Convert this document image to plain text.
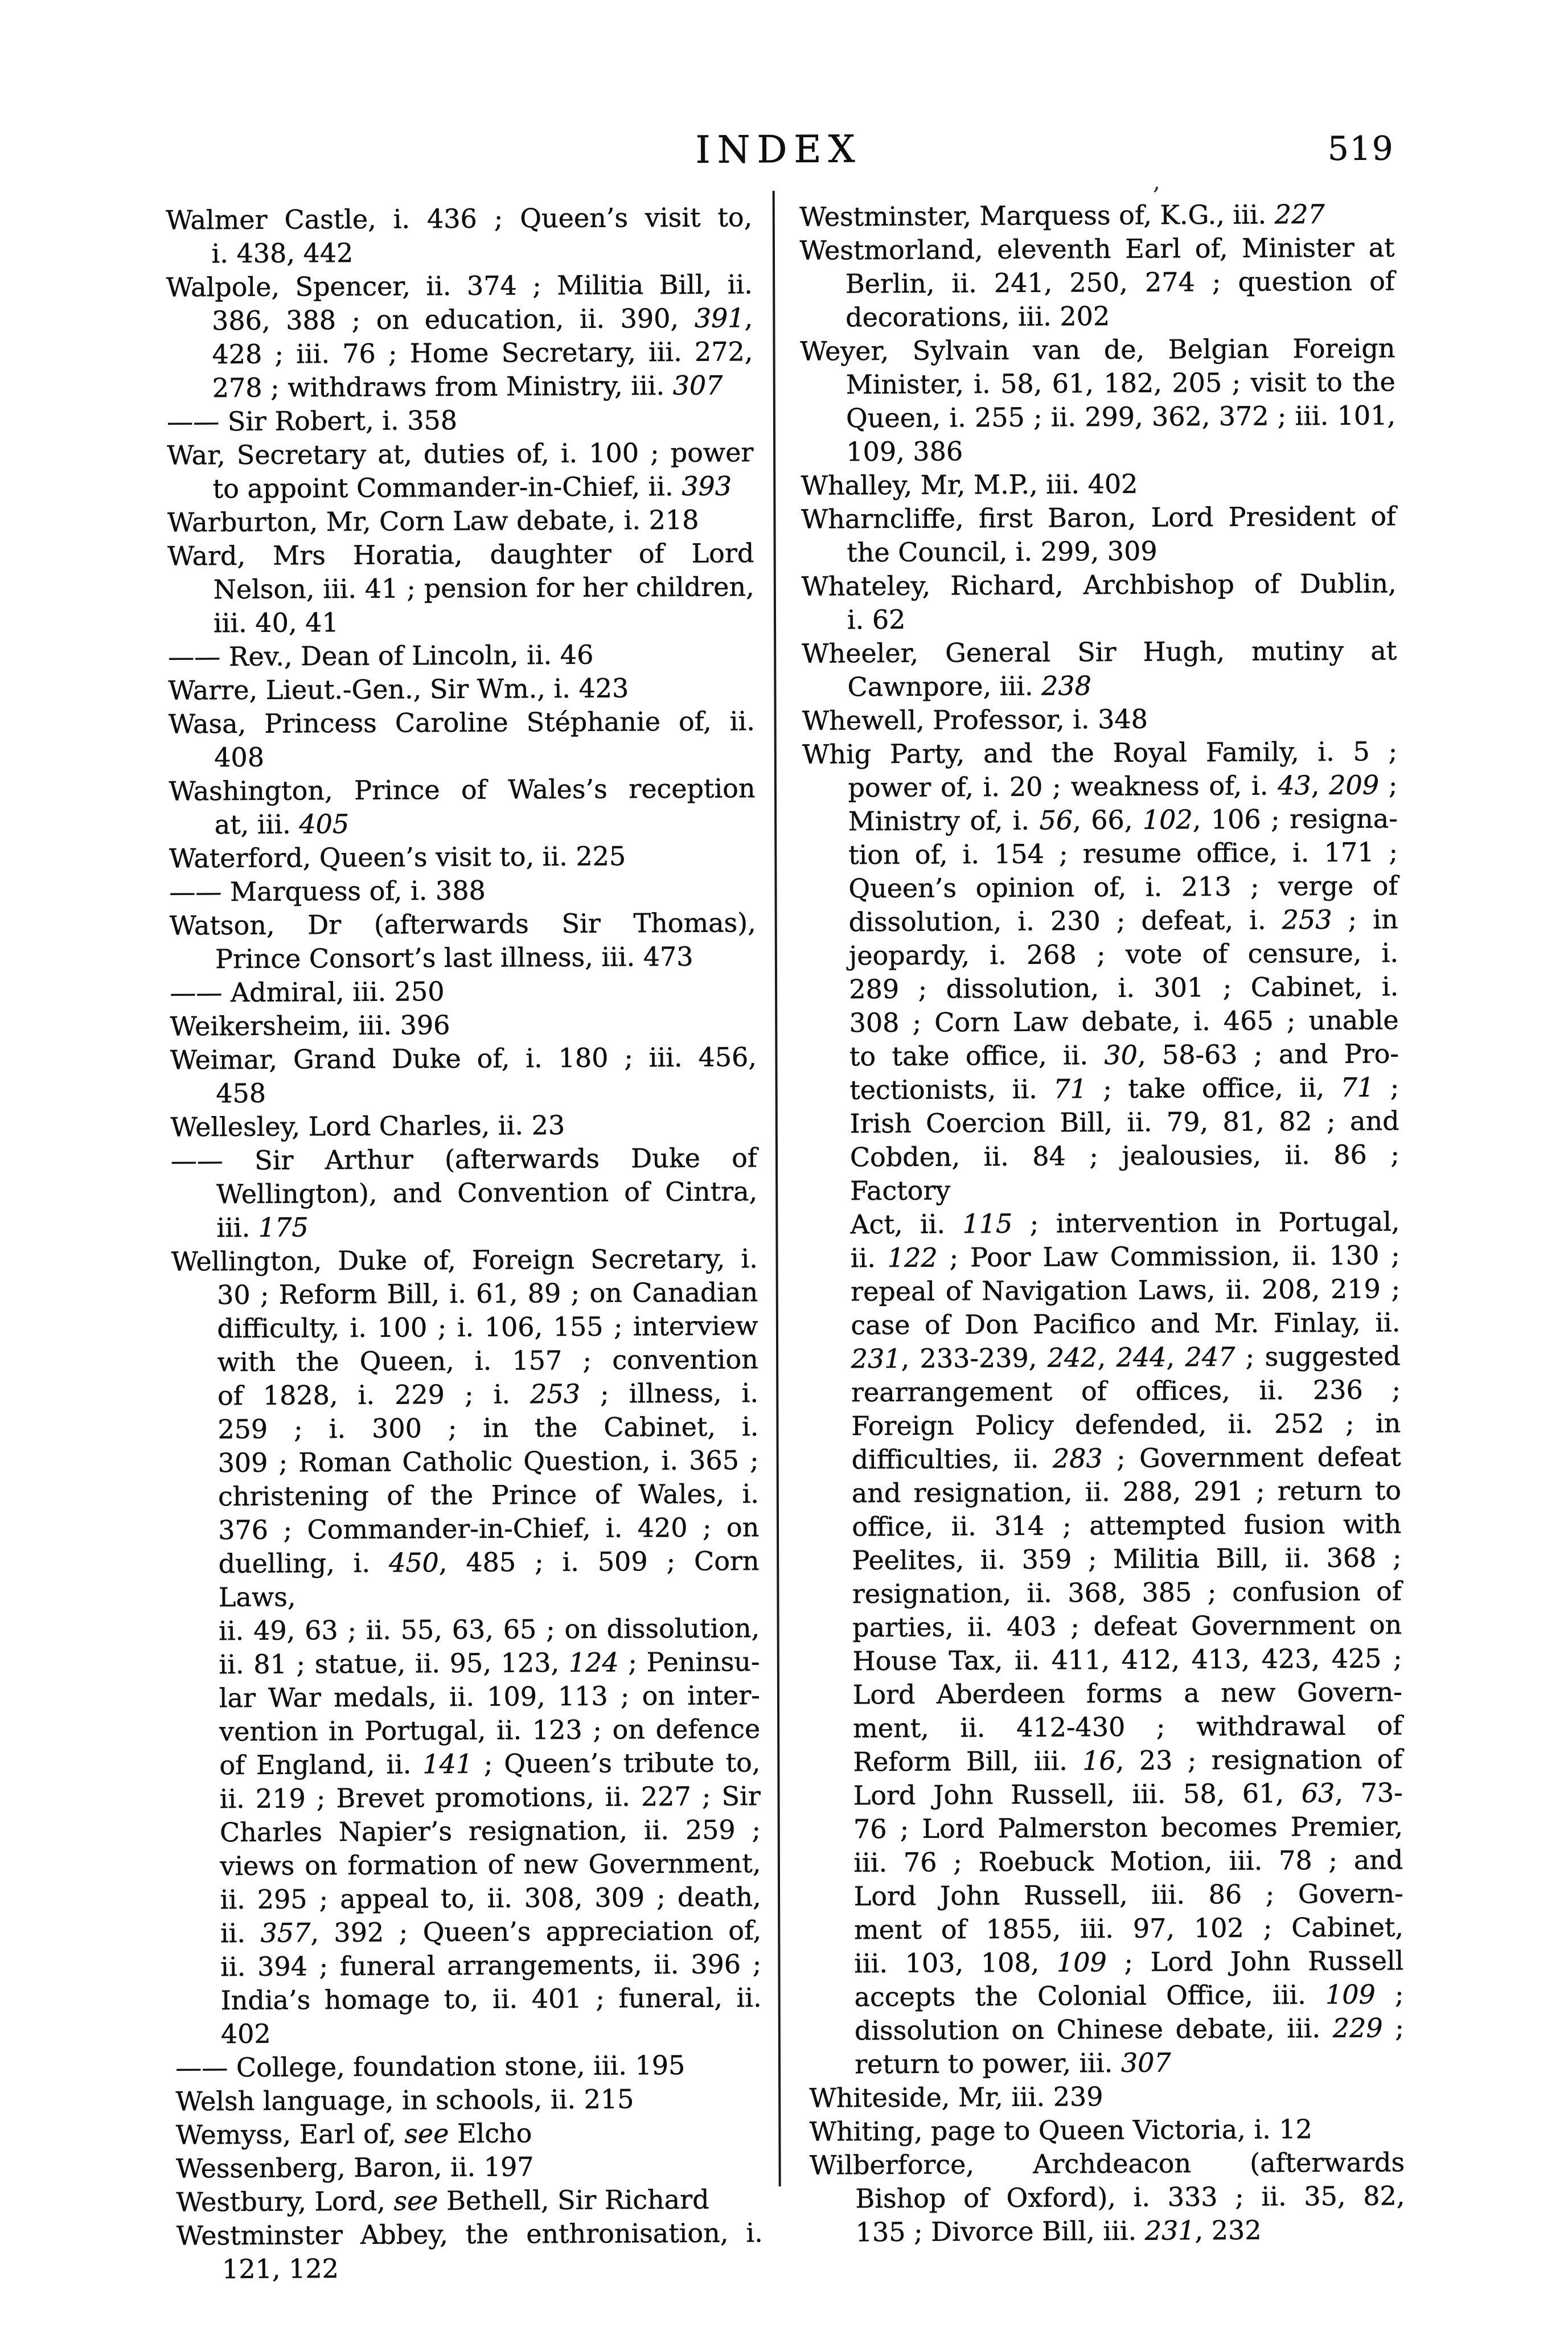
INDEX	519
,
Walmer Castle, i. 436 ; Queen’s visit to,
i. 438, 442
Walpole, Spencer, ii. 374 ; Militia Bill, ii.
386, 388 ; on education, ii. 390, 391,
428 ; iii. 76 ; Home Secretary, iii. 272,
278 ; withdraws from Ministry, iii. 307
—— Sir Robert, i. 358
War, Secretary at, duties of, i. 100 ; power
to appoint Commander-in-Chief, ii. 393
Warburton, Mr, Corn Law debate, i. 218
Ward, Mrs Horatia, daughter of Lord
Nelson, iii. 41 ; pension for her children,
iii. 40, 41
—— Rev., Dean of Lincoln, ii. 46
Warre, Lieut.-Gen., Sir Wm., i. 423
Wasa, Princess Caroline Stéphanie of, ii.
408
Washington, Prince of Wales’s reception
at, iii. 405
Waterford, Queen’s visit to, ii. 225
—— Marquess of, i. 388
Watson, Dr (afterwards Sir Thomas),
Prince Consort’s last illness, iii. 473
—— Admiral, iii. 250
Weikersheim, iii. 396
Weimar, Grand Duke of, i. 180 ; iii. 456,
458
Wellesley, Lord Charles, ii. 23
—— Sir Arthur (afterwards Duke of
Wellington), and Convention of Cintra,
iii. 175
Wellington, Duke of, Foreign Secretary, i.
30 ; Reform Bill, i. 61, 89 ; on Canadian
difficulty, i. 100 ; i. 106, 155 ; interview
with the Queen, i. 157 ; convention
of 1828, i. 229 ; i. 253 ; illness, i.
259 ; i. 300 ; in the Cabinet, i.
309 ; Roman Catholic Question, i. 365 ;
christening of the Prince of Wales, i.
376 ; Commander-in-Chief, i. 420 ; on
duelling, i. 450, 485 ; i. 509 ; Corn Laws,
ii. 49, 63 ; ii. 55, 63, 65 ; on dissolution,
ii. 81 ; statue, ii. 95, 123, 124 ; Peninsu-
lar War medals, ii. 109, 113 ; on inter-
vention in Portugal, ii. 123 ; on defence
of England, ii. 141 ; Queen’s tribute to,
ii. 219 ; Brevet promotions, ii. 227 ; Sir
Charles Napier’s resignation, ii. 259 ;
views on formation of new Government,
ii. 295 ; appeal to, ii. 308, 309 ; death,
ii. 357, 392 ; Queen’s appreciation of,
ii. 394 ; funeral arrangements, ii. 396 ;
India’s homage to, ii. 401 ; funeral, ii. 402
—— College, foundation stone, iii. 195
Welsh language, in schools, ii. 215
Wemyss, Earl of, see Elcho
Wessenberg, Baron, ii. 197
Westbury, Lord, see Bethell, Sir Richard
Westminster Abbey, the enthronisation, i.
121, 122
Westminster, Marquess of, K.G., iii. 227
Westmorland, eleventh Earl of, Minister at
Berlin, ii. 241, 250, 274 ; question of
decorations, iii. 202
Weyer, Sylvain van de, Belgian Foreign
Minister, i. 58, 61, 182, 205 ; visit to the
Queen, i. 255 ; ii. 299, 362, 372 ; iii. 101,
109, 386
Whalley, Mr, M.P., iii. 402
Wharncliffe, first Baron, Lord President of
the Council, i. 299, 309
Whateley, Richard, Archbishop of Dublin,
i. 62
Wheeler, General Sir Hugh, mutiny at
Cawnpore, iii. 238
Whewell, Professor, i. 348
Whig Party, and the Royal Family, i. 5 ;
power of, i. 20 ; weakness of, i. 43, 209 ;
Ministry of, i. 56, 66, 102, 106 ; resigna-
tion of, i. 154 ; resume office, i. 171 ;
Queen’s opinion of, i. 213 ; verge of
dissolution, i. 230 ; defeat, i. 253 ; in
jeopardy, i. 268 ; vote of censure, i.
289 ; dissolution, i. 301 ; Cabinet, i.
308 ; Corn Law debate, i. 465 ; unable
to take office, ii. 30, 58-63 ; and Pro-
tectionists, ii. 71 ; take office, ii, 71 ;
Irish Coercion Bill, ii. 79, 81, 82 ; and
Cobden, ii. 84 ; jealousies, ii. 86 ; Factory
Act, ii. 115 ; intervention in Portugal,
ii. 122 ; Poor Law Commission, ii. 130 ;
repeal of Navigation Laws, ii. 208, 219 ;
case of Don Pacifico and Mr. Finlay, ii.
231, 233-239, 242, 244, 247 ; suggested
rearrangement of offices, ii. 236 ;
Foreign Policy defended, ii. 252 ; in
difficulties, ii. 283 ; Government defeat
and resignation, ii. 288, 291 ; return to
office, ii. 314 ; attempted fusion with
Peelites, ii. 359 ; Militia Bill, ii. 368 ;
resignation, ii. 368, 385 ; confusion of
parties, ii. 403 ; defeat Government on
House Tax, ii. 411, 412, 413, 423, 425 ;
Lord Aberdeen forms a new Govern-
ment, ii. 412-430 ; withdrawal of
Reform Bill, iii. 16, 23 ; resignation of
Lord John Russell, iii. 58, 61, 63, 73-
76 ; Lord Palmerston becomes Premier,
iii. 76 ; Roebuck Motion, iii. 78 ; and
Lord John Russell, iii. 86 ; Govern-
ment of 1855, iii. 97, 102 ; Cabinet,
iii. 103, 108, 109 ; Lord John Russell
accepts the Colonial Office, iii. 109 ;
dissolution on Chinese debate, iii. 229 ;
return to power, iii. 307
Whiteside, Mr, iii. 239
Whiting, page to Queen Victoria, i. 12
Wilberforce, Archdeacon (afterwards
Bishop of Oxford), i. 333 ; ii. 35, 82,
135 ; Divorce Bill, iii. 231, 232
